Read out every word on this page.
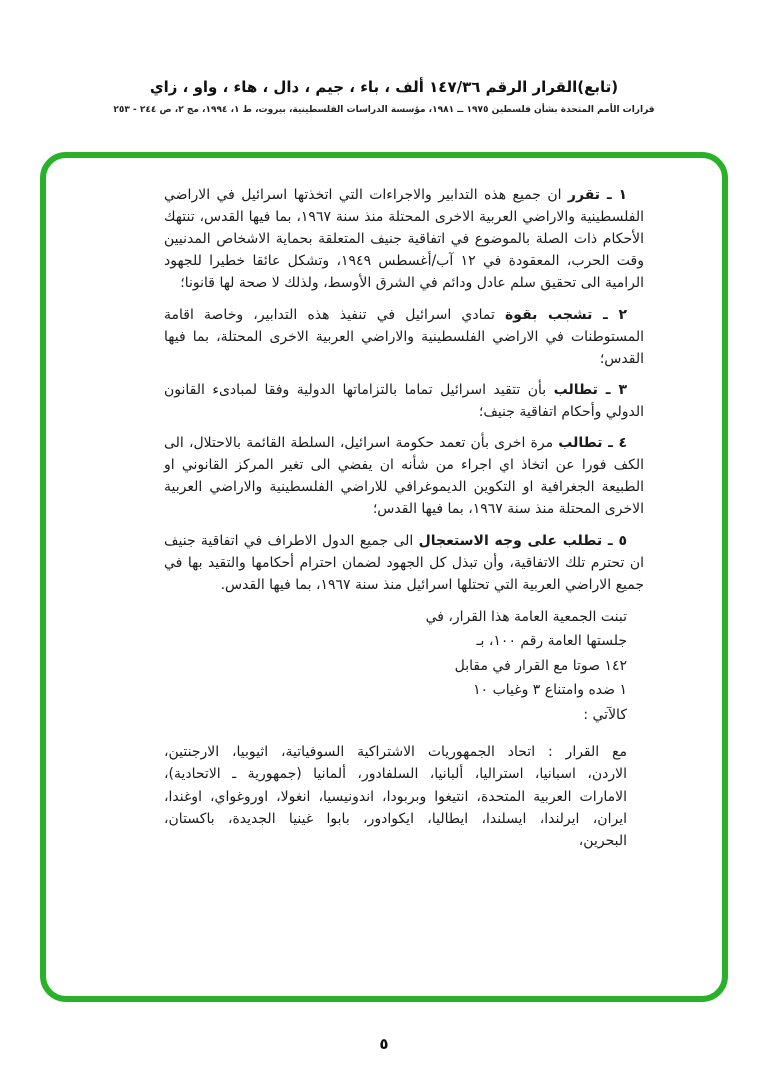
(تابع)القرار الرقم ١٤٧/٣٦ ألف ، باء ، جيم ، دال ، هاء ، واو ، زاي
قرارات الأمم المتحدة بشأن فلسطين ١٩٧٥ ــ ١٩٨١، مؤسسة الدراسات الفلسطينية، بيروت، ط ١، ١٩٩٤، مج ٢، ص ٢٤٤ - ٢٥٣

١ ـ تقرر ان جميع هذه التدابير والاجراءات التي اتخذتها اسرائيل في الاراضي الفلسطينية والاراضي العربية الاخرى المحتلة منذ سنة ١٩٦٧، بما فيها القدس، تنتهك الأحكام ذات الصلة بالموضوع في اتفاقية جنيف المتعلقة بحماية الاشخاص المدنيين وقت الحرب، المعقودة في ١٢ آب/أغسطس ١٩٤٩، وتشكل عائقا خطيرا للجهود الرامية الى تحقيق سلم عادل ودائم في الشرق الأوسط، ولذلك لا صحة لها قانونا؛

٢ ـ تشجب بقوة تمادي اسرائيل في تنفيذ هذه التدابير، وخاصة اقامة المستوطنات في الاراضي الفلسطينية والاراضي العربية الاخرى المحتلة، بما فيها القدس؛

٣ ـ تطالب بأن تتقيد اسرائيل تماما بالتزاماتها الدولية وفقا لمبادىء القانون الدولي وأحكام اتفاقية جنيف؛

٤ ـ تطالب مرة اخرى بأن تعمد حكومة اسرائيل، السلطة القائمة بالاحتلال، الى الكف فورا عن اتخاذ اي اجراء من شأنه ان يفضي الى تغير المركز القانوني او الطبيعة الجغرافية او التكوين الديموغرافي للاراضي الفلسطينية والاراضي العربية الاخرى المحتلة منذ سنة ١٩٦٧، بما فيها القدس؛

٥ ـ تطلب على وجه الاستعجال الى جميع الدول الاطراف في اتفاقية جنيف ان تحترم تلك الاتفاقية، وأن تبذل كل الجهود لضمان احترام أحكامها والتقيد بها في جميع الاراضي العربية التي تحتلها اسرائيل منذ سنة ١٩٦٧، بما فيها القدس.

تبنت الجمعية العامة هذا القرار، في
جلستها العامة رقم ١٠٠، بـ
١٤٢ صوتا مع القرار في مقابل
١ ضده وامتناع ٣ وغياب ١٠
كالآتي :

مع القرار : اتحاد الجمهوريات الاشتراكية السوفياتية، اثيوبيا، الارجنتين، الاردن، اسبانيا، استراليا، ألبانيا، السلفادور، ألمانيا (جمهورية ـ الاتحادية)، الامارات العربية المتحدة، انتيغوا وبربودا، اندونيسيا، انغولا، اوروغواي، اوغندا، ايران، ايرلندا، ايسلندا، ايطاليا، ايكوادور، بابوا غينيا الجديدة، باكستان، البحرين،

٥
